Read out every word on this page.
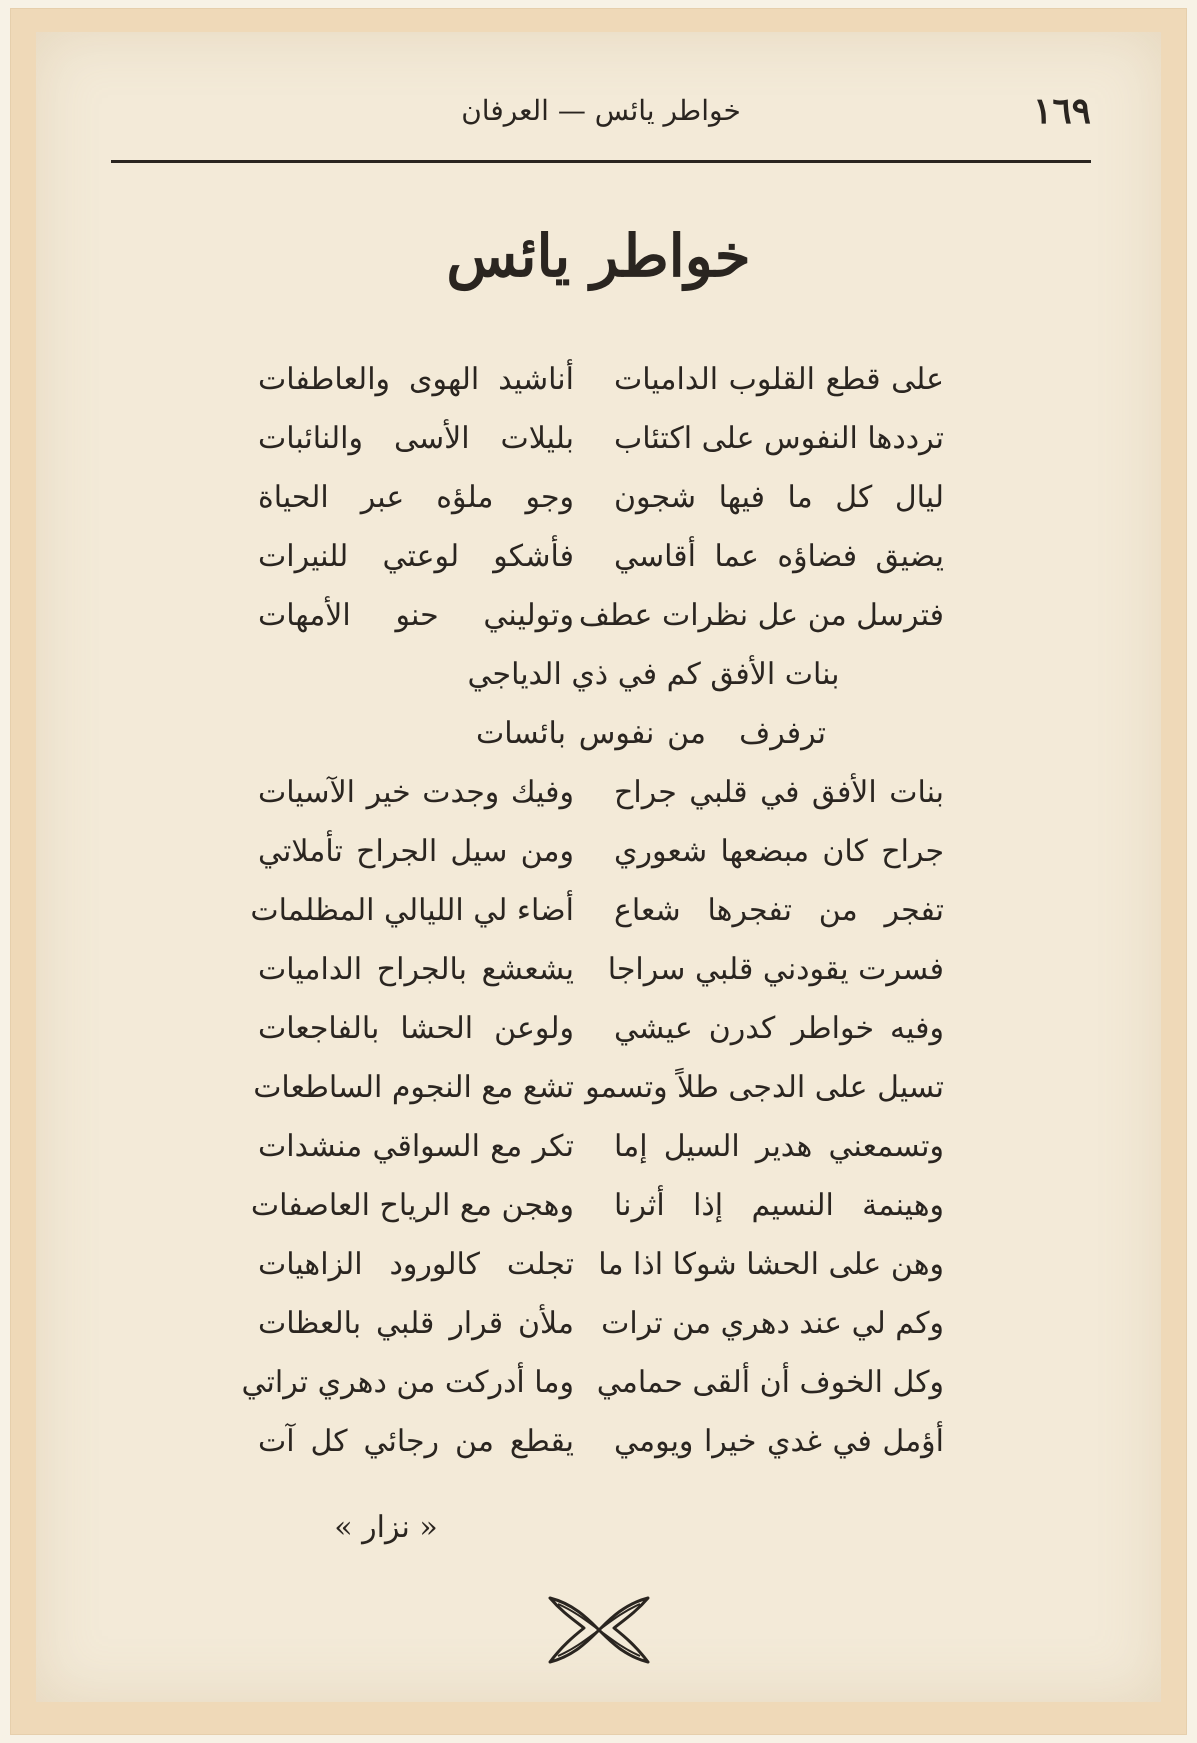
١٦٩
خواطر يائس — العرفان
خواطر يائس
على قطع القلوب الداميات
أناشيد الهوى والعاطفات
ترددها النفوس على اكتئاب
بليلات الأسى والنائبات
ليال كل ما فيها شجون
وجو ملؤه عبر الحياة
يضيق فضاؤه عما أقاسي
فأشكو لوعتي للنيرات
فترسل من عل نظرات عطف
وتوليني حنو الأمهات
بنات الأفق كم في ذي الدياجي
ترفرف
من نفوس بائسات
بنات الأفق في قلبي جراح
وفيك وجدت خير الآسيات
جراح كان مبضعها شعوري
ومن سيل الجراح تأملاتي
تفجر من تفجرها شعاع
أضاء لي الليالي المظلمات
فسرت يقودني قلبي سراجا
يشعشع بالجراح الداميات
وفيه خواطر كدرن عيشي
ولوعن الحشا بالفاجعات
تسيل على الدجى طلاً وتسمو
تشع مع النجوم الساطعات
وتسمعني هدير السيل إما
تكر مع السواقي منشدات
وهينمة النسيم إذا أثرنا
وهجن مع الرياح العاصفات
وهن على الحشا شوكا اذا ما
تجلت كالورود الزاهيات
وكم لي عند دهري من ترات
ملأن قرار قلبي بالعظات
وكل الخوف أن ألقى حمامي
وما أدركت من دهري تراتي
أؤمل في غدي خيرا ويومي
يقطع من رجائي كل آت
« نزار »
